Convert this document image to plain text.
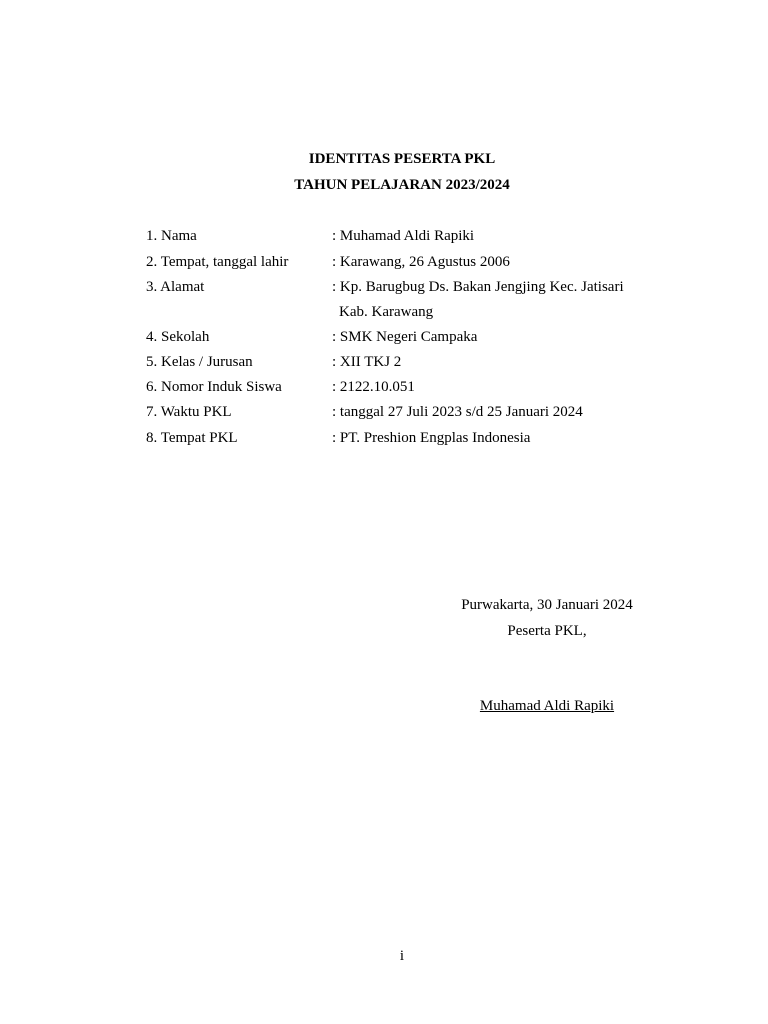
IDENTITAS PESERTA PKL
TAHUN PELAJARAN 2023/2024
1. Nama	: Muhamad Aldi Rapiki
2. Tempat, tanggal lahir	: Karawang, 26 Agustus 2006
3. Alamat	: Kp. Barugbug Ds. Bakan Jengjing Kec. Jatisari
Kab. Karawang
4. Sekolah	: SMK Negeri Campaka
5. Kelas / Jurusan	: XII TKJ 2
6. Nomor Induk Siswa	: 2122.10.051
7. Waktu PKL	: tanggal 27 Juli 2023 s/d 25 Januari 2024
8. Tempat PKL	: PT. Preshion Engplas Indonesia
Purwakarta, 30 Januari 2024
Peserta PKL,
Muhamad Aldi Rapiki
i
